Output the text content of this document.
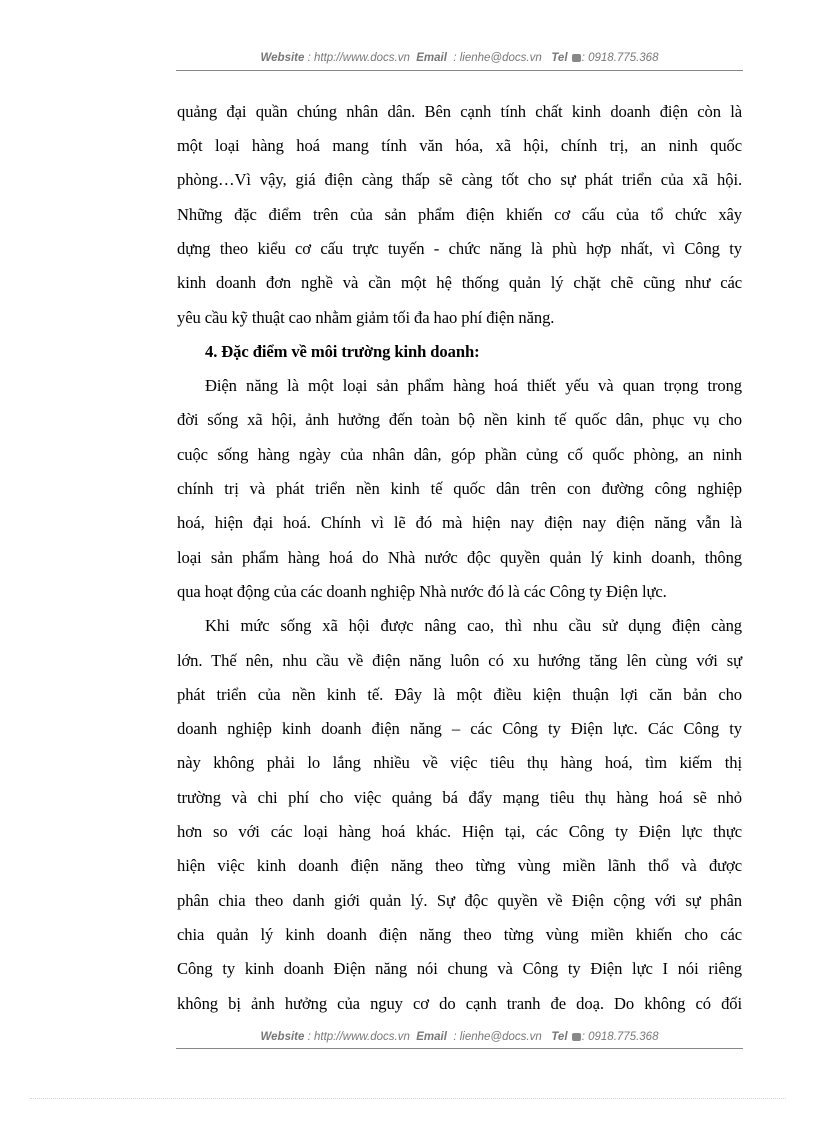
Website : http://www.docs.vn Email : lienhe@docs.vn Tel : 0918.775.368
quảng đại quần chúng nhân dân. Bên cạnh tính chất kinh doanh điện còn là
một loại hàng hoá mang tính văn hóa, xã hội, chính trị, an ninh quốc
phòng…Vì vậy, giá điện càng thấp sẽ càng tốt cho sự phát triển của xã hội.
Những đặc điểm trên của sản phẩm điện khiến cơ cấu của tổ chức xây
dựng theo kiểu cơ cấu trực tuyến - chức năng là phù hợp nhất, vì Công ty
kinh doanh đơn nghề và cần một hệ thống quản lý chặt chẽ cũng như các
yêu cầu kỹ thuật cao nhằm giảm tối đa hao phí điện năng.
4. Đặc điểm về môi trường kinh doanh:
Điện năng là một loại sản phẩm hàng hoá thiết yếu và quan trọng trong
đời sống xã hội, ảnh hưởng đến toàn bộ nền kinh tế quốc dân, phục vụ cho
cuộc sống hàng ngày của nhân dân, góp phần củng cố quốc phòng, an ninh
chính trị và phát triển nền kinh tế quốc dân trên con đường công nghiệp
hoá, hiện đại hoá. Chính vì lẽ đó mà hiện nay điện nay điện năng vẫn là
loại sản phẩm hàng hoá do Nhà nước độc quyền quản lý kinh doanh, thông
qua hoạt động của các doanh nghiệp Nhà nước đó là các Công ty Điện lực.
Khi mức sống xã hội được nâng cao, thì nhu cầu sử dụng điện càng
lớn. Thế nên, nhu cầu về điện năng luôn có xu hướng tăng lên cùng với sự
phát triển của nền kinh tế. Đây là một điều kiện thuận lợi căn bản cho
doanh nghiệp kinh doanh điện năng – các Công ty Điện lực. Các Công ty
này không phải lo lắng nhiều về việc tiêu thụ hàng hoá, tìm kiếm thị
trường và chi phí cho việc quảng bá đẩy mạng tiêu thụ hàng hoá sẽ nhỏ
hơn so với các loại hàng hoá khác. Hiện tại, các Công ty Điện lực thực
hiện việc kinh doanh điện năng theo từng vùng miền lãnh thổ và được
phân chia theo danh giới quản lý. Sự độc quyền về Điện cộng với sự phân
chia quản lý kinh doanh điện năng theo từng vùng miền khiến cho các
Công ty kinh doanh Điện năng nói chung và Công ty Điện lực I nói riêng
không bị ảnh hưởng của nguy cơ do cạnh tranh đe doạ. Do không có đối
Website : http://www.docs.vn Email : lienhe@docs.vn Tel : 0918.775.368
